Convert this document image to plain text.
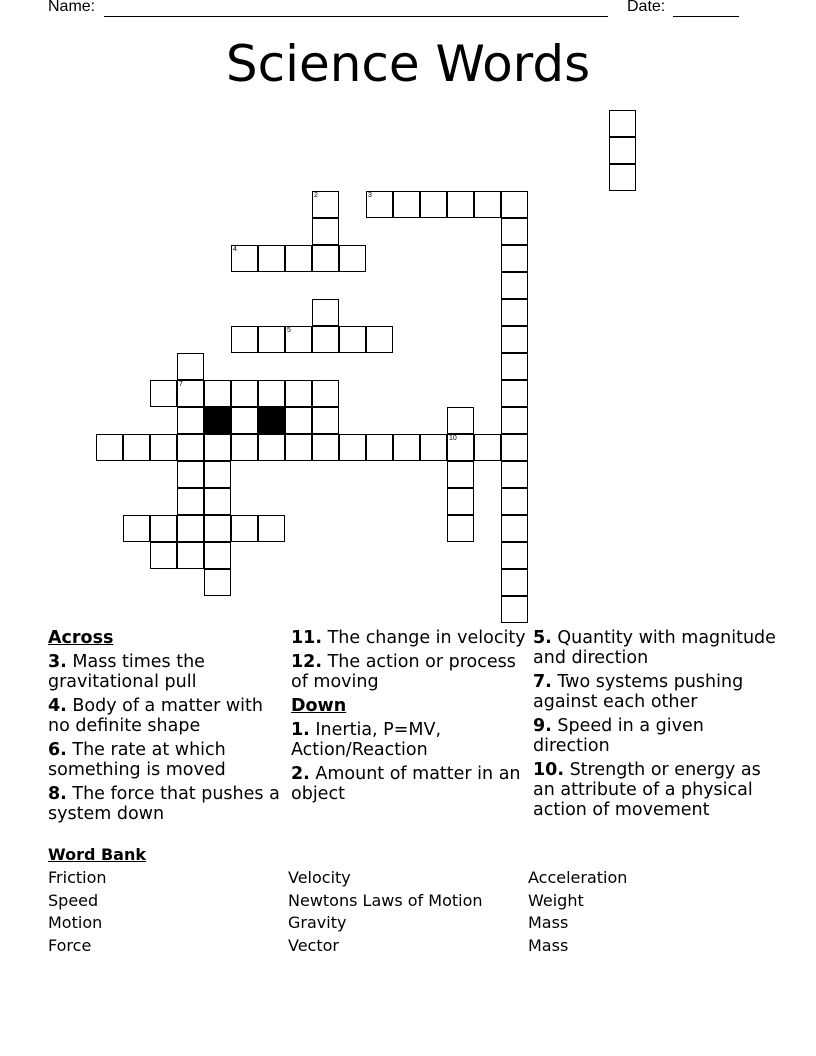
Name:	Date:
Science Words
2	3
4
5
7
10
Across
3. Mass times the gravitational pull
4. Body of a matter with no definite shape
6. The rate at which something is moved
8. The force that pushes a system down
11. The change in velocity
12. The action or process of moving
Down
1. Inertia, P=MV, Action/Reaction
2. Amount of matter in an object
5. Quantity with magnitude and direction
7. Two systems pushing against each other
9. Speed in a given direction
10. Strength or energy as an attribute of a physical action of movement
Word Bank
Friction
Speed
Motion
Force
Velocity
Newtons Laws of Motion
Gravity
Vector
Acceleration
Weight
Mass
Mass
